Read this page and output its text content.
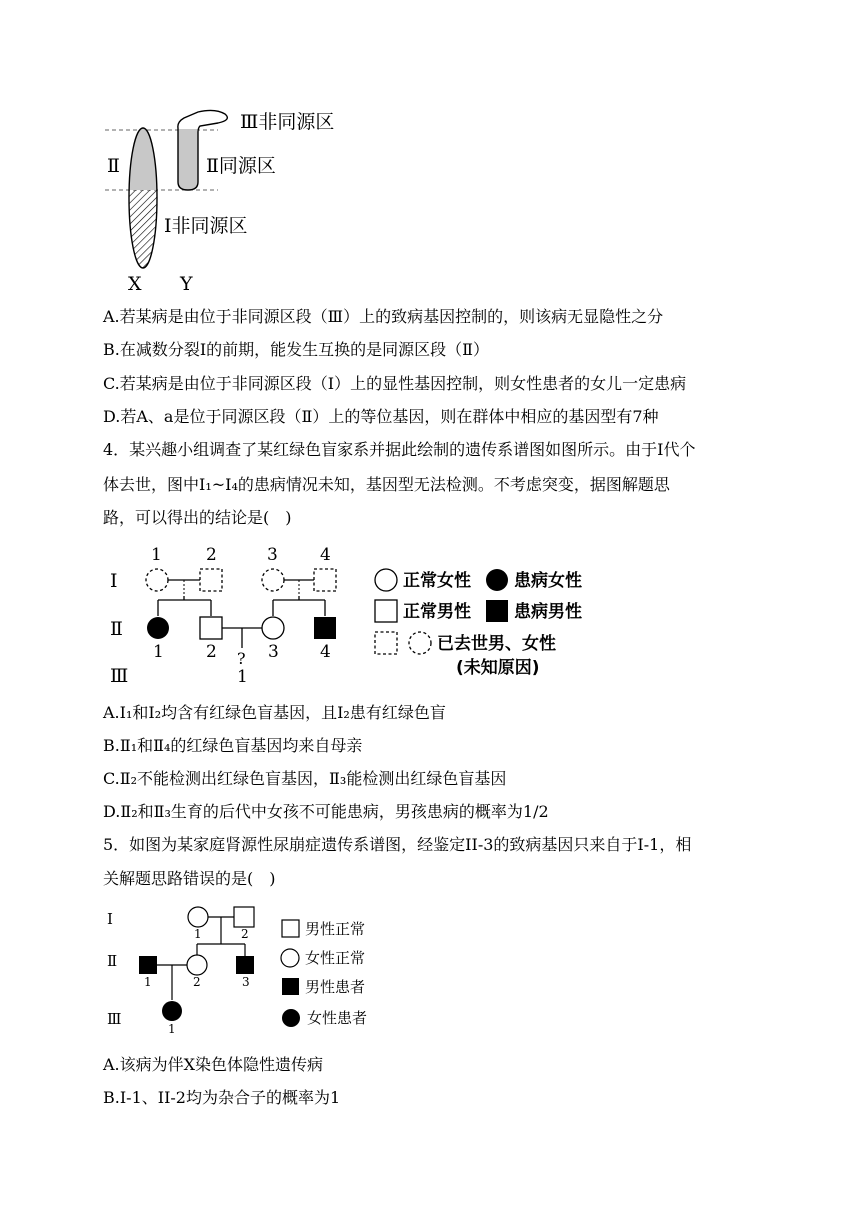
Ⅲ非同源区
Ⅱ同源区
Ⅰ非同源区
Ⅱ
X Y
A.若某病是由位于非同源区段（Ⅲ）上的致病基因控制的，则该病无显隐性之分
B.在减数分裂Ⅰ的前期，能发生互换的是同源区段（Ⅱ）
C.若某病是由位于非同源区段（Ⅰ）上的显性基因控制，则女性患者的女儿一定患病
D.若A、a是位于同源区段（Ⅱ）上的等位基因，则在群体中相应的基因型有7种
4．某兴趣小组调查了某红绿色盲家系并据此绘制的遗传系谱图如图所示。由于Ⅰ代个
体去世，图中Ⅰ₁~Ⅰ₄的患病情况未知，基因型无法检测。不考虑突变，据图解题思
路，可以得出的结论是(　)
Ⅰ
Ⅱ
Ⅲ
1	2	3 4
1 2	3 4
?
1
正常女性	患病女性
正常男性	患病男性
已去世男、女性
(未知原因)
A.Ⅰ₁和Ⅰ₂均含有红绿色盲基因，且Ⅰ₂患有红绿色盲
B.Ⅱ₁和Ⅱ₄的红绿色盲基因均来自母亲
C.Ⅱ₂不能检测出红绿色盲基因，Ⅱ₃能检测出红绿色盲基因
D.Ⅱ₂和Ⅱ₃生育的后代中女孩不可能患病，男孩患病的概率为1/2
5．如图为某家庭肾源性尿崩症遗传系谱图，经鉴定II-3的致病基因只来自于I-1，相
关解题思路错误的是(　)
Ⅰ
Ⅱ
Ⅲ
1	2
1	2	3
1
男性正常
女性正常
男性患者
女性患者
A.该病为伴X染色体隐性遗传病
B.I-1、II-2均为杂合子的概率为1
